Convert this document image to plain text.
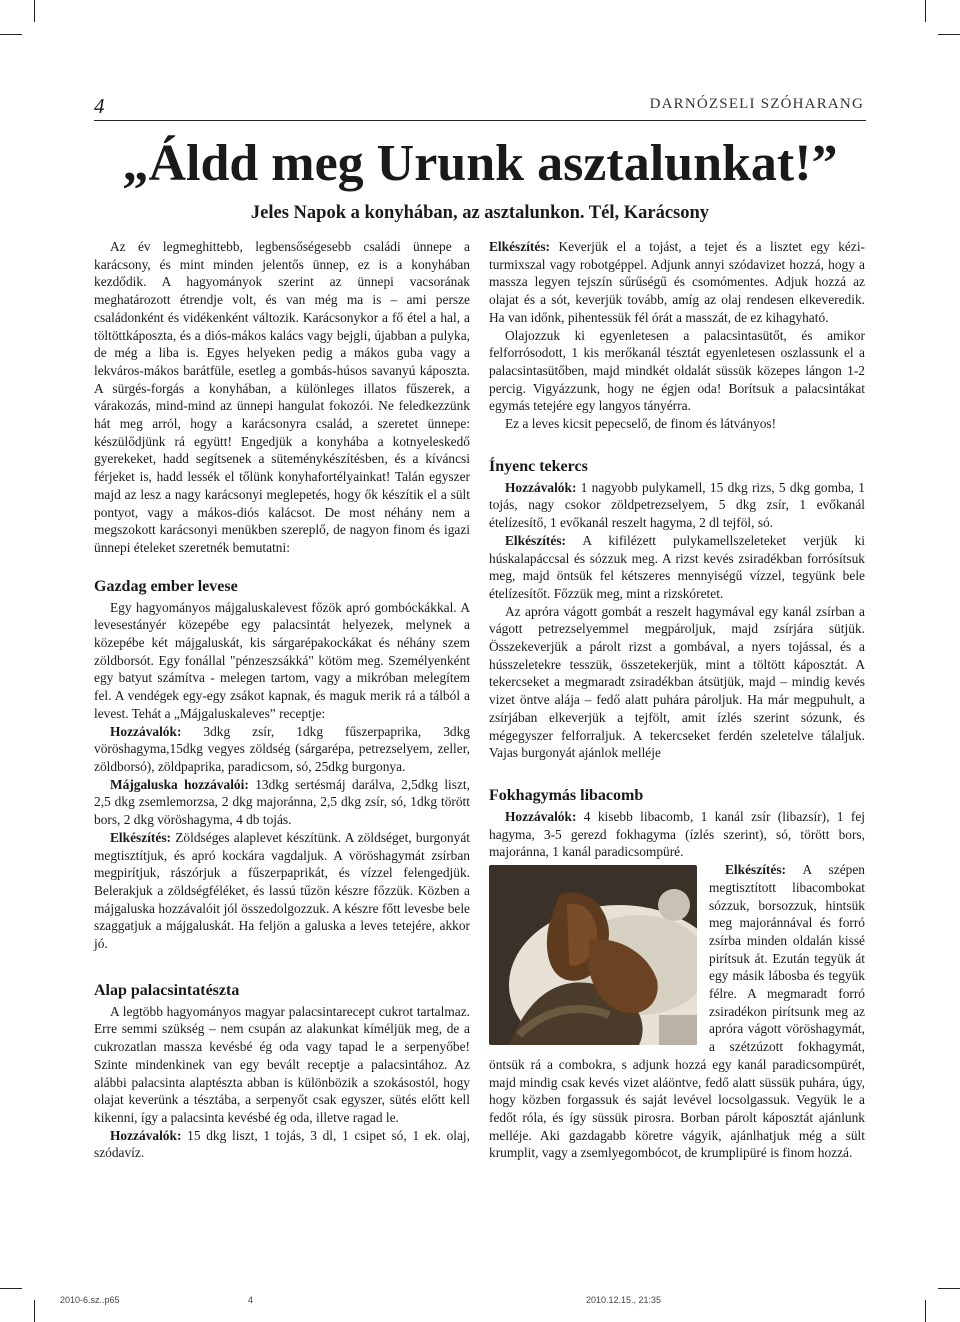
4	DARNÓZSELI SZÓHARANG
„Áldd meg Urunk asztalunkat!”
Jeles Napok a konyhában, az asztalunkon. Tél, Karácsony

Az év legmeghittebb, legbensőségesebb családi ünnepe a karácsony, és mint minden jelentős ünnep, ez is a konyhában kezdődik. A hagyományok szerint az ünnepi vacsorának meghatározott étrendje volt, és van még ma is – ami persze családonként és vidékenként változik. Karácsonykor a fő étel a hal, a töltöttkáposzta, és a diós-mákos kalács vagy bejgli, újabban a pulyka, de még a liba is. Egyes helyeken pedig a mákos guba vagy a lekváros-mákos barátfüle, esetleg a gombás-húsos savanyú káposzta. A sürgés-forgás a konyhában, a különleges illatos fűszerek, a várakozás, mind-mind az ünnepi hangulat fokozói. Ne feledkezzünk hát meg arról, hogy a karácsonyra család, a szeretet ünnepe: készülődjünk rá együtt! Engedjük a konyhába a kotnyeleskedő gyerekeket, hadd segítsenek a süteménykészítésben, és a kíváncsi férjeket is, hadd lessék el tőlünk konyhafortélyainkat! Talán egyszer majd az lesz a nagy karácsonyi meglepetés, hogy ők készítik el a sült pontyot, vagy a mákos-diós kalácsot. De most néhány nem a megszokott karácsonyi menükben szereplő, de nagyon finom és igazi ünnepi ételeket szeretnék bemutatni:

Gazdag ember levese

Egy hagyományos májgaluskalevest főzök apró gombóckákkal. A levesestányér közepébe egy palacsintát helyezek, melynek a közepébe két májgaluskát, kis sárgarépakockákat és néhány szem zöldborsót. Egy fonállal "pénzeszsákká" kötöm meg. Személyenként egy batyut számítva - melegen tartom, vagy a mikróban melegítem fel. A vendégek egy-egy zsákot kapnak, és maguk merik rá a tálból a levest. Tehát a „Májgaluskaleves” receptje:

Hozzávalók: 3dkg zsír, 1dkg fűszerpaprika, 3dkg vöröshagyma,15dkg vegyes zöldség (sárgarépa, petrezselyem, zeller, zöldborsó), zöldpaprika, paradicsom, só, 25dkg burgonya.

Májgaluska hozzávalói: 13dkg sertésmáj darálva, 2,5dkg liszt, 2,5 dkg zsemlemorzsa, 2 dkg majoránna, 2,5 dkg zsír, só, 1dkg törött bors, 2 dkg vöröshagyma, 4 db tojás.

Elkészítés: Zöldséges alaplevet készítünk. A zöldséget, burgonyát megtisztítjuk, és apró kockára vagdaljuk. A vöröshagymát zsírban megpirítjuk, rászórjuk a fűszerpaprikát, és vízzel felengedjük. Belerakjuk a zöldségféléket, és lassú tűzön készre főzzük. Közben a májgaluska hozzávalóit jól összedolgozzuk. A készre főtt levesbe bele szaggatjuk a májgaluskát. Ha feljön a galuska a leves tetejére, akkor jó.

Alap palacsintatészta

A legtöbb hagyományos magyar palacsintarecept cukrot tartalmaz. Erre semmi szükség – nem csupán az alakunkat kíméljük meg, de a cukrozatlan massza kevésbé ég oda vagy tapad le a serpenyőbe! Szinte mindenkinek van egy bevált receptje a palacsintához. Az alábbi palacsinta alaptészta abban is különbözik a szokásostól, hogy olajat keverünk a tésztába, a serpenyőt csak egyszer, sütés előtt kell kikenni, így a palacsinta kevésbé ég oda, illetve ragad le.

Hozzávalók: 15 dkg liszt, 1 tojás, 3 dl, 1 csipet só, 1 ek. olaj, szódavíz.

Elkészítés: Keverjük el a tojást, a tejet és a lisztet egy kézi-turmixszal vagy robotgéppel. Adjunk annyi szódavizet hozzá, hogy a massza legyen tejszín sűrűségű és csomómentes. Adjuk hozzá az olajat és a sót, keverjük tovább, amíg az olaj rendesen elkeveredik. Ha van időnk, pihentessük fél órát a masszát, de ez kihagyható.

Olajozzuk ki egyenletesen a palacsintasütőt, és amikor felforrósodott, 1 kis merőkanál tésztát egyenletesen oszlassunk el a palacsintasütőben, majd mindkét oldalát süssük közepes lángon 1-2 percig. Vigyázzunk, hogy ne égjen oda! Borítsuk a palacsintákat egymás tetejére egy langyos tányérra.

Ez a leves kicsit pepecselő, de finom és látványos!

Ínyenc tekercs

Hozzávalók: 1 nagyobb pulykamell, 15 dkg rizs, 5 dkg gomba, 1 tojás, nagy csokor zöldpetrezselyem, 5 dkg zsír, 1 evőkanál ételízesítő, 1 evőkanál reszelt hagyma, 2 dl tejföl, só.

Elkészítés: A kifilézett pulykamellszeleteket verjük ki húskalapáccsal és sózzuk meg. A rizst kevés zsiradékban forrósítsuk meg, majd öntsük fel kétszeres mennyiségű vízzel, tegyünk bele ételízesítőt. Főzzük meg, mint a rizskóretet.

Az apróra vágott gombát a reszelt hagymával egy kanál zsírban a vágott petrezselyemmel megpároljuk, majd zsírjára sütjük. Összekeverjük a párolt rizst a gombával, a nyers tojással, és a hússzeletekre tesszük, összetekerjük, mint a töltött káposztát. A tekercseket a megmaradt zsiradékban átsütjük, majd – mindig kevés vizet öntve alája – fedő alatt puhára pároljuk. Ha már megpuhult, a zsírjában elkeverjük a tejfölt, amit ízlés szerint sózunk, és mégegyszer felforraljuk. A tekercseket ferdén szeletelve tálaljuk. Vajas burgonyát ajánlok melléje

Fokhagymás libacomb

Hozzávalók: 4 kisebb libacomb, 1 kanál zsír (libazsír), 1 fej hagyma, 3-5 gerezd fokhagyma (ízlés szerint), só, törött bors, majoránna, 1 kanál paradicsompüré.

Elkészítés: A szépen megtisztított libacombokat sózzuk, borsozzuk, hintsük meg majoránnával és forró zsírba minden oldalán kissé pirítsuk át. Ezután tegyük át egy másik lábosba és tegyük félre. A megmaradt forró zsiradékon pirítsunk meg az apróra vágott vöröshagymát, a szétzúzott fokhagymát, öntsük rá a combokra, s adjunk hozzá egy kanál paradicsompürét, majd mindig csak kevés vizet aláöntve, fedő alatt süssük puhára, úgy, hogy közben forgassuk és saját levével locsolgassuk. Vegyük le a fedőt róla, és így süssük pirosra. Borban párolt káposztát ajánlunk melléje. Aki gazdagabb köretre vágyik, ajánlhatjuk még a sült krumplit, vagy a zsemlyegombócot, de krumplipüré is finom hozzá.

2010-6.sz..p65	4	2010.12.15., 21:35
